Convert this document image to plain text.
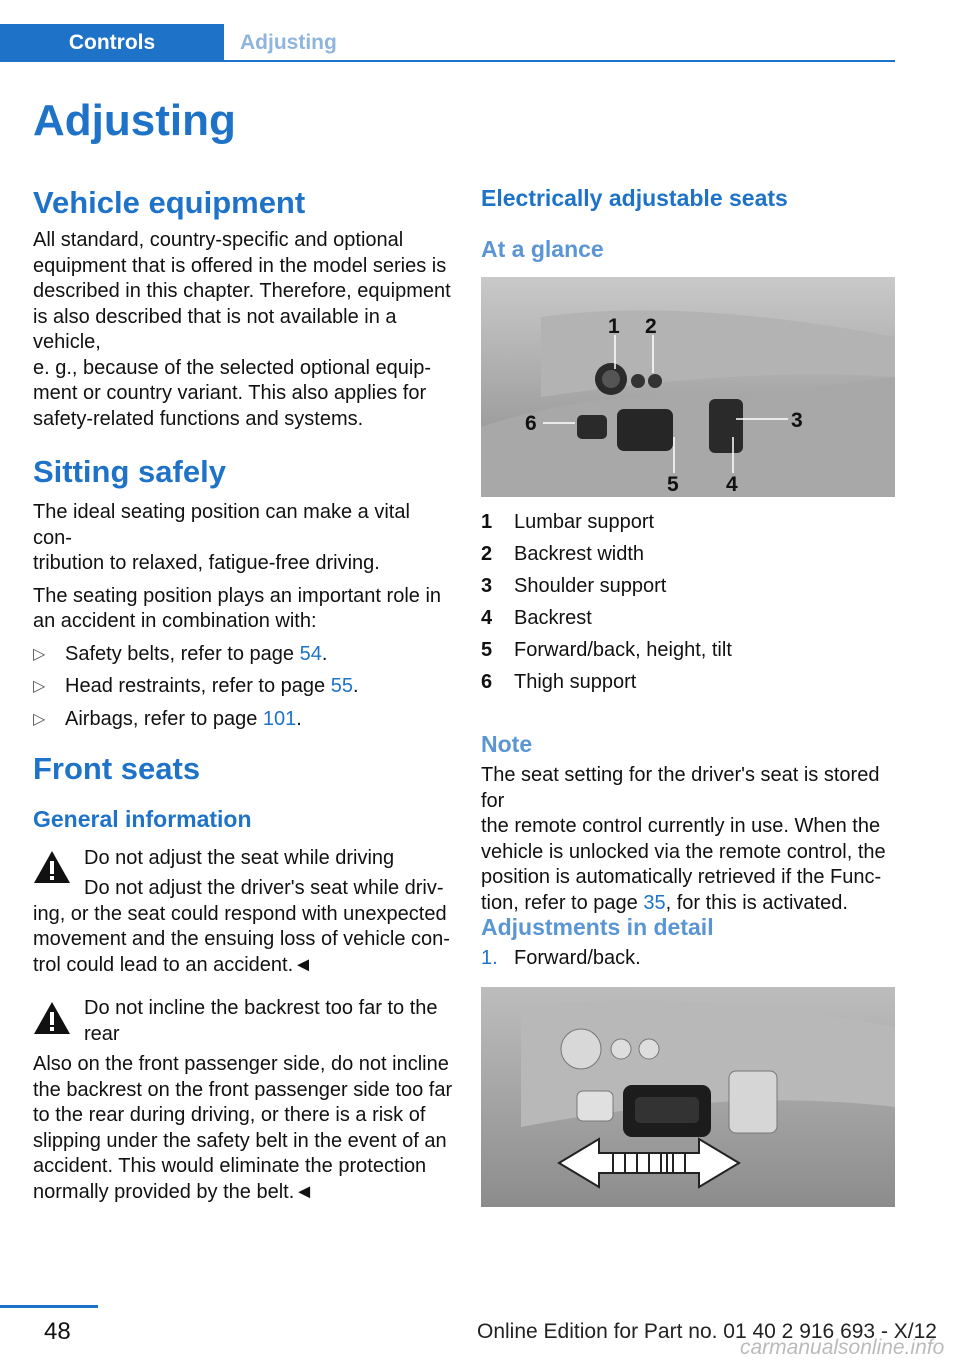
Controls	Adjusting
Adjusting
Vehicle equipment
All standard, country-specific and optional
equipment that is offered in the model series is
described in this chapter. Therefore, equipment
is also described that is not available in a vehicle,
e. g., because of the selected optional equip‐
ment or country variant. This also applies for
safety-related functions and systems.
Sitting safely
The ideal seating position can make a vital con‐
tribution to relaxed, fatigue-free driving.
The seating position plays an important role in
an accident in combination with:
▷ Safety belts, refer to page 54.
▷ Head restraints, refer to page 55.
▷ Airbags, refer to page 101.
Front seats
General information
Do not adjust the seat while driving
Do not adjust the driver's seat while driv‐
ing, or the seat could respond with unexpected
movement and the ensuing loss of vehicle con‐
trol could lead to an accident.◄
Do not incline the backrest too far to the
rear
Also on the front passenger side, do not incline
the backrest on the front passenger side too far
to the rear during driving, or there is a risk of
slipping under the safety belt in the event of an
accident. This would eliminate the protection
normally provided by the belt.◄
Electrically adjustable seats
At a glance
1 2
3
4
5
6
1	Lumbar support
2	Backrest width
3	Shoulder support
4	Backrest
5	Forward/back, height, tilt
6	Thigh support
Note
The seat setting for the driver's seat is stored for
the remote control currently in use. When the
vehicle is unlocked via the remote control, the
position is automatically retrieved if the Func‐
tion, refer to page 35, for this is activated.
Adjustments in detail
1. Forward/back.
48	Online Edition for Part no. 01 40 2 916 693 - X/12
carmanualsonline.info
